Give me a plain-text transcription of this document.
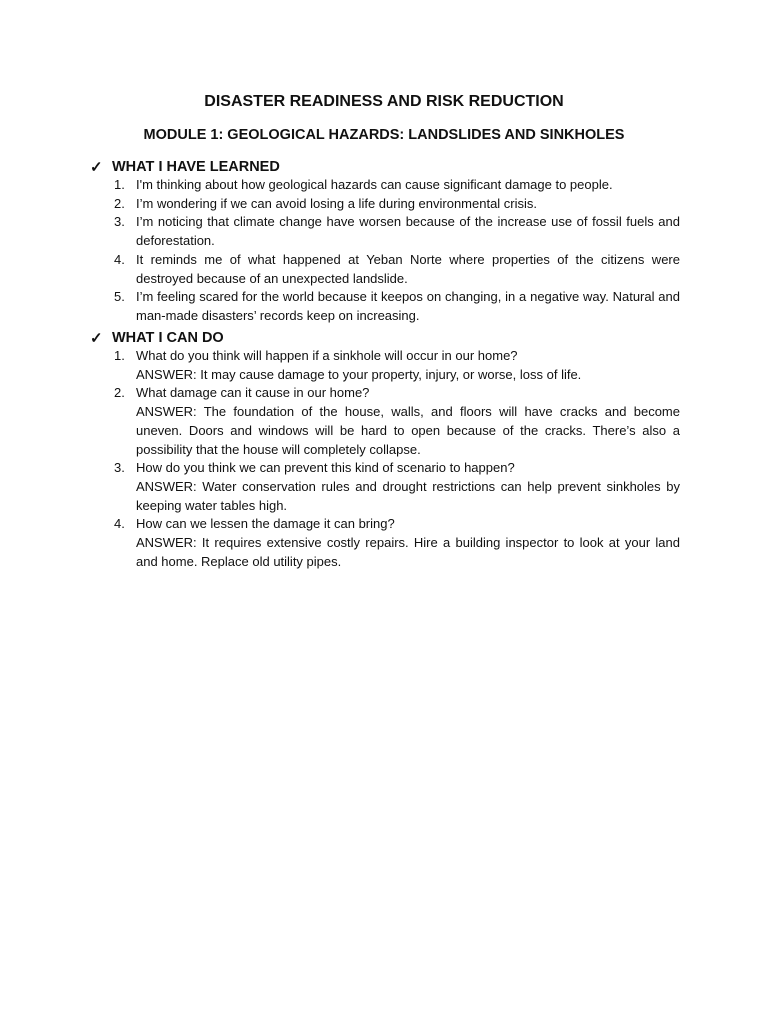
DISASTER READINESS AND RISK REDUCTION
MODULE 1: GEOLOGICAL HAZARDS: LANDSLIDES AND SINKHOLES
✓ WHAT I HAVE LEARNED
1. I'm thinking about how geological hazards can cause significant damage to people.
2. I’m wondering if we can avoid losing a life during environmental crisis.
3. I’m noticing that climate change have worsen because of the increase use of fossil fuels and deforestation.
4. It reminds me of what happened at Yeban Norte where properties of the citizens were destroyed because of an unexpected landslide.
5. I’m feeling scared for the world because it keepos on changing, in a negative way. Natural and man-made disasters’ records keep on increasing.
✓ WHAT I CAN DO
1. What do you think will happen if a sinkhole will occur in our home?
ANSWER: It may cause damage to your property, injury, or worse, loss of life.
2. What damage can it cause in our home?
ANSWER: The foundation of the house, walls, and floors will have cracks and become uneven. Doors and windows will be hard to open because of the cracks. There’s also a possibility that the house will completely collapse.
3. How do you think we can prevent this kind of scenario to happen?
ANSWER: Water conservation rules and drought restrictions can help prevent sinkholes by keeping water tables high.
4. How can we lessen the damage it can bring?
ANSWER: It requires extensive costly repairs. Hire a building inspector to look at your land and home. Replace old utility pipes.
